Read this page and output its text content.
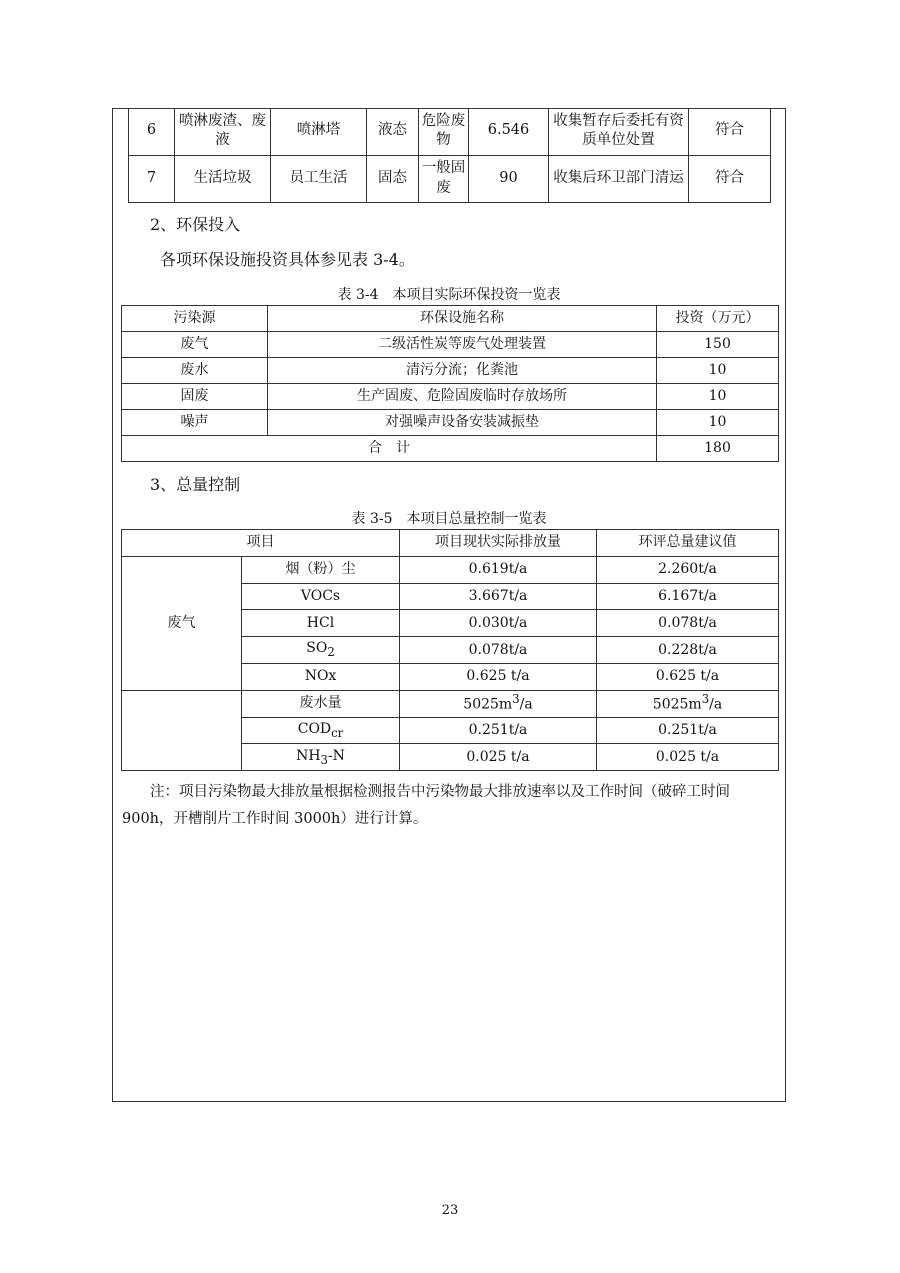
6	喷淋废渣、废液	喷淋塔	液态	危险废物	6.546	收集暂存后委托有资质单位处置	符合
7	生活垃圾	员工生活	固态	一般固废	90	收集后环卫部门清运	符合
2、环保投入
各项环保设施投资具体参见表 3-4。
表 3-4　本项目实际环保投资一览表
污染源	环保设施名称	投资（万元）
废气	二级活性炭等废气处理装置	150
废水	清污分流；化粪池	10
固废	生产固废、危险固废临时存放场所	10
噪声	对强噪声设备安装减振垫	10
合　计		180
3、总量控制
表 3-5　本项目总量控制一览表
项目		项目现状实际排放量	环评总量建议值
废气	烟（粉）尘	0.619t/a	2.260t/a
	VOCs	3.667t/a	6.167t/a
	HCl	0.030t/a	0.078t/a
	$SO_2$	0.078t/a	0.228t/a
	NOx	0.625 t/a	0.625 t/a
	废水量	$5025m^3/a$	$5025m^3/a$
	$COD_{cr}$	0.251t/a	0.251t/a
	$NH_3-N$	0.025 t/a	0.025 t/a
注：项目污染物最大排放量根据检测报告中污染物最大排放速率以及工作时间（破碎工时间 900h，开槽削片工作时间 3000h）进行计算。
23
